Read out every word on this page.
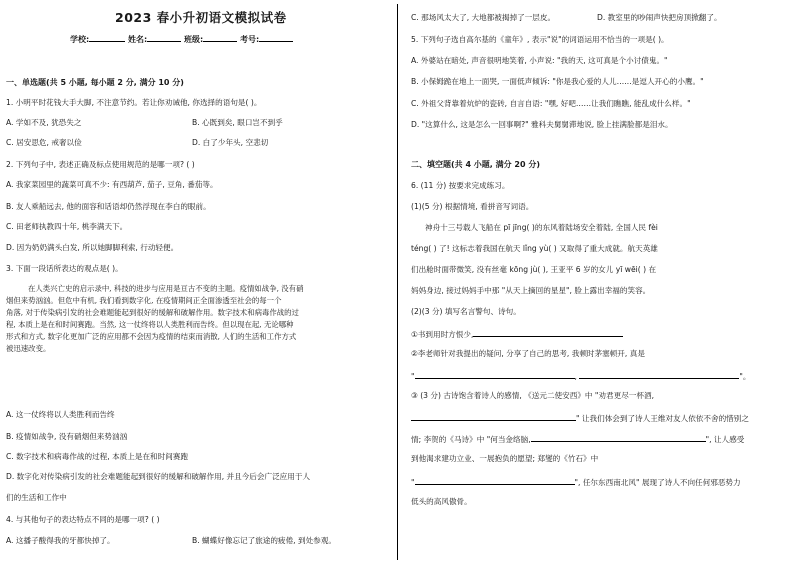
2023 春小升初语文模拟试卷
学校:	姓名:	班级:	考号:
一、单选题(共 5 小题, 每小题 2 分, 满分 10 分)
1. 小明平时花钱大手大脚, 不注意节约。若让你劝诫他, 你选择的语句是( )。
A. 学如不及, 犹恐失之	B. 心既到矣, 眼口岂不到乎
C. 居安思危, 戒奢以俭	D. 白了少年头, 空悲切
2. 下列句子中, 表述正确及标点使用规范的是哪一项? ( )
A. 我家菜园里的蔬菜可真不少: 有西葫芦, 茄子, 豆角, 番茄等。
B. 友人乘船远去, 他的面容和话语却仍然浮现在李白的眼前。
C. 田老师执教四十年, 桃李满天下。
D. 因为奶奶满头白发, 所以她脚脚利索, 行动轻便。
3. 下面一段话所表达的观点是( )。
在人类兴亡史的启示录中, 科技的进步与应用是亘古不变的主题。疫情如战争, 没有硝
烟但来势汹汹。但危中有机, 我们看到数字化, 在疫情期间正全面渗透至社会的每一个
角落, 对于传染病引发的社会难题能起到很好的缓解和破解作用。数字技术和病毒作战的过
程, 本质上是在和时间赛跑。当然, 这一仗终将以人类胜利而告终。但以现在起, 无论哪种
形式和方式, 数字化更加广泛的应用都不会因为疫情的结束而消散, 人们的生活和工作方式
被迅速改变。
A. 这一仗终将以人类胜利而告终
B. 疫情如战争, 没有硝烟但来势汹汹
C. 数字技术和病毒作战的过程, 本质上是在和时间赛跑
D. 数字化对传染病引发的社会难题能起到很好的缓解和破解作用, 并且今后会广泛应用于人
们的生活和工作中
4. 与其他句子的表达特点不同的是哪一项? ( )
A. 这播子酸得我的牙都快掉了。	B. 蝴蝶好像忘记了旅途的疲倦, 到处参观。
C. 那场风太大了, 大地都被揭掉了一层皮。	D. 教室里的吵闹声快把房顶掀翻了。
5. 下列句子选自高尔基的《童年》, 表示"说"的词语运用不恰当的一项是( )。
A. 外婆站在暗处, 声音很明地笑着, 小声说: "我的天, 这可真是个小讨债鬼。"
B. 小保姆跪在地上一面哭, 一面低声倾诉: "你是我心爱的人儿……是逗人开心的小鹰。"
C. 外祖父背靠着炕炉的瓷砖, 自言自语: "嘿, 好吧……让我们瞧瞧, 能乱成什么样。"
D. "这算什么, 这是怎么一回事啊?" 雅科夫舅舅滞地说, 脸上挂满脸都是泪水。
二、填空题(共 4 小题, 满分 20 分)
6. (11 分) 按要求完成练习。
(1)(5 分) 根据情境, 看拼音写词语。
神舟十三号载人飞船在 pī jīng( )的东风着陆场安全着陆, 全国人民 fèi
téng( ) 了! 这标志着我国在航天 lǐng yù( ) 又取得了重大成就。航天英雄
们出舱时面带微笑, 没有丝毫 kōng jù( ), 王亚平 6 岁的女儿 yī wēi( ) 在
妈妈身边, 接过妈妈手中那 "从天上摘回的星星", 脸上露出幸福的笑容。
(2)(3 分) 填写名言警句、诗句。
①书到用时方恨少,
②李老师针对我提出的疑问, 分享了自己的思考, 我顿时茅塞顿开, 真是
"	,	"。
③ (3 分) 古诗饱含着诗人的感情, 《送元二使安西》中 "劝君更尽一杯酒,
" 让我们体会到了诗人王维对友人依依不舍的惜别之
情; 李贺的《马诗》中 "何当金络脑,	", 让人感受
到他渴求建功立业、一展抱负的愿望; 郑燮的《竹石》中
"	", 任尔东西南北风" 展现了诗人不向任何邪恶势力
低头的高风傲骨。
